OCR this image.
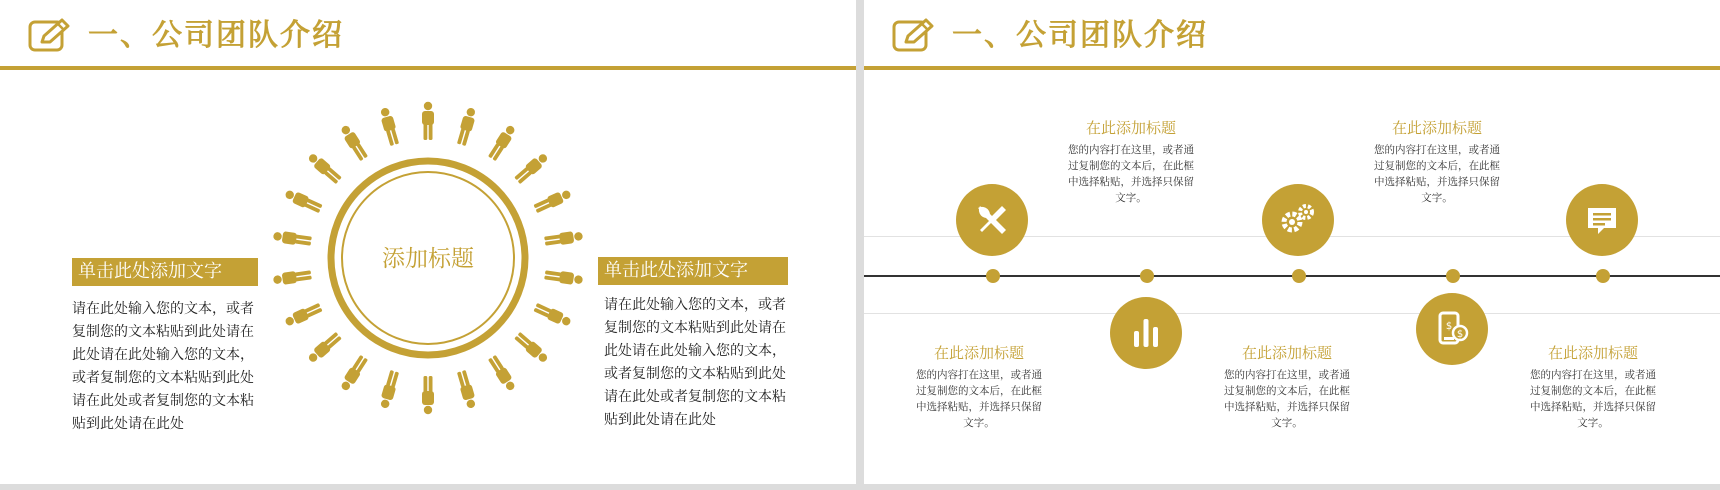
一、公司团队介绍
添加标题
单击此处添加文字
请在此处输入您的文本，或者
复制您的文本粘贴到此处请在
此处请在此处输入您的文本，
或者复制您的文本粘贴到此处
请在此处或者复制您的文本粘
贴到此处请在此处
单击此处添加文字
请在此处输入您的文本，或者
复制您的文本粘贴到此处请在
此处请在此处输入您的文本，
或者复制您的文本粘贴到此处
请在此处或者复制您的文本粘
贴到此处请在此处
一、公司团队介绍
$
$
在此添加标题
您的内容打在这里，或者通
过复制您的文本后，在此框
中选择粘贴，并选择只保留
文字。
在此添加标题
您的内容打在这里，或者通
过复制您的文本后，在此框
中选择粘贴，并选择只保留
文字。
在此添加标题
您的内容打在这里，或者通
过复制您的文本后，在此框
中选择粘贴，并选择只保留
文字。
在此添加标题
您的内容打在这里，或者通
过复制您的文本后，在此框
中选择粘贴，并选择只保留
文字。
在此添加标题
您的内容打在这里，或者通
过复制您的文本后，在此框
中选择粘贴，并选择只保留
文字。
